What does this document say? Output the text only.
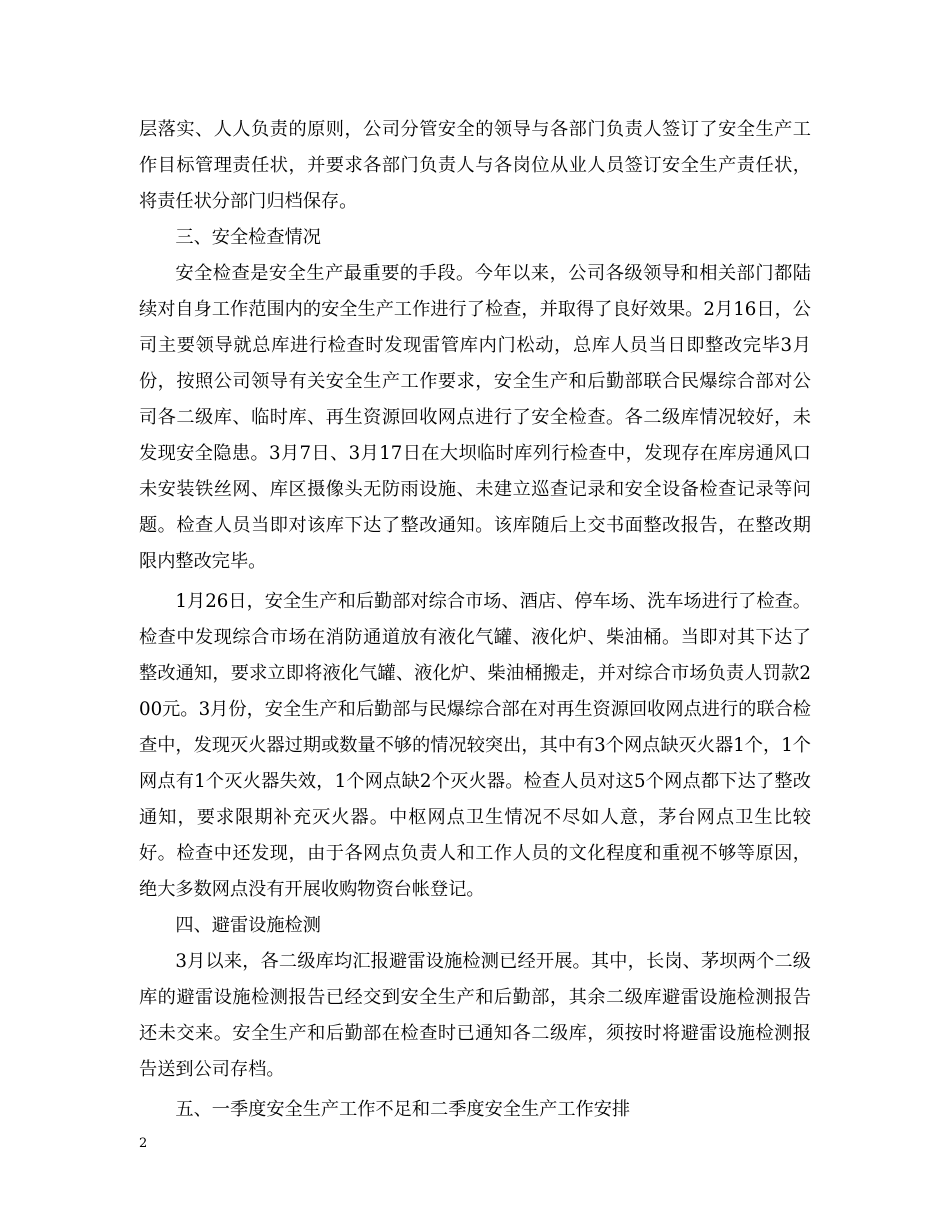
层落实、人人负责的原则，公司分管安全的领导与各部门负责人签订了安全生产工作目标管理责任状，并要求各部门负责人与各岗位从业人员签订安全生产责任状，将责任状分部门归档保存。

三、安全检查情况

安全检查是安全生产最重要的手段。今年以来，公司各级领导和相关部门都陆续对自身工作范围内的安全生产工作进行了检查，并取得了良好效果。2月16日，公司主要领导就总库进行检查时发现雷管库内门松动，总库人员当日即整改完毕3月份，按照公司领导有关安全生产工作要求，安全生产和后勤部联合民爆综合部对公司各二级库、临时库、再生资源回收网点进行了安全检查。各二级库情况较好，未发现安全隐患。3月7日、3月17日在大坝临时库列行检查中，发现存在库房通风口未安装铁丝网、库区摄像头无防雨设施、未建立巡查记录和安全设备检查记录等问题。检查人员当即对该库下达了整改通知。该库随后上交书面整改报告，在整改期限内整改完毕。

1月26日，安全生产和后勤部对综合市场、酒店、停车场、洗车场进行了检查。检查中发现综合市场在消防通道放有液化气罐、液化炉、柴油桶。当即对其下达了整改通知，要求立即将液化气罐、液化炉、柴油桶搬走，并对综合市场负责人罚款200元。3月份，安全生产和后勤部与民爆综合部在对再生资源回收网点进行的联合检查中，发现灭火器过期或数量不够的情况较突出，其中有3个网点缺灭火器1个，1个网点有1个灭火器失效，1个网点缺2个灭火器。检查人员对这5个网点都下达了整改通知，要求限期补充灭火器。中枢网点卫生情况不尽如人意，茅台网点卫生比较好。检查中还发现，由于各网点负责人和工作人员的文化程度和重视不够等原因，绝大多数网点没有开展收购物资台帐登记。

四、避雷设施检测

3月以来，各二级库均汇报避雷设施检测已经开展。其中，长岗、茅坝两个二级库的避雷设施检测报告已经交到安全生产和后勤部，其余二级库避雷设施检测报告还未交来。安全生产和后勤部在检查时已通知各二级库，须按时将避雷设施检测报告送到公司存档。

五、一季度安全生产工作不足和二季度安全生产工作安排

2
